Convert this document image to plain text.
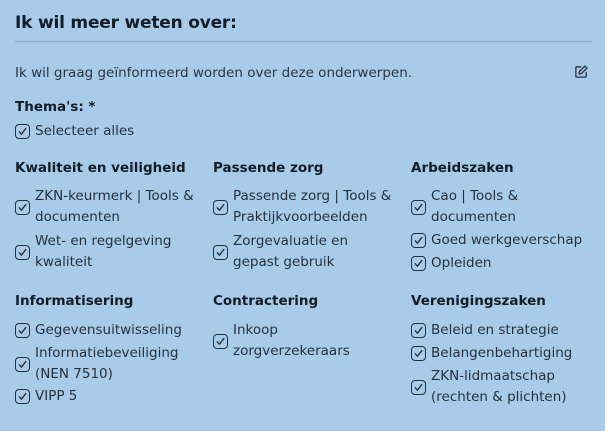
Ik wil meer weten over:
Ik wil graag geïnformeerd worden over deze onderwerpen.
Thema's: *
Selecteer alles
Kwaliteit en veiligheid Passende zorg	Arbeidszaken
ZKN-keurmerk | Tools &
documenten
Wet- en regelgeving
kwaliteit
Passende zorg | Tools &
Praktijkvoorbeelden
Zorgevaluatie en
gepast gebruik
Cao | Tools &
documenten
Goed werkgeverschap
Opleiden
Informatisering	Contractering	Verenigingszaken
Gegevensuitwisseling
Informatiebeveiliging
(NEN 7510)
VIPP 5
Inkoop
zorgverzekeraars
Beleid en strategie
Belangenbehartiging
ZKN-lidmaatschap
(rechten & plichten)
